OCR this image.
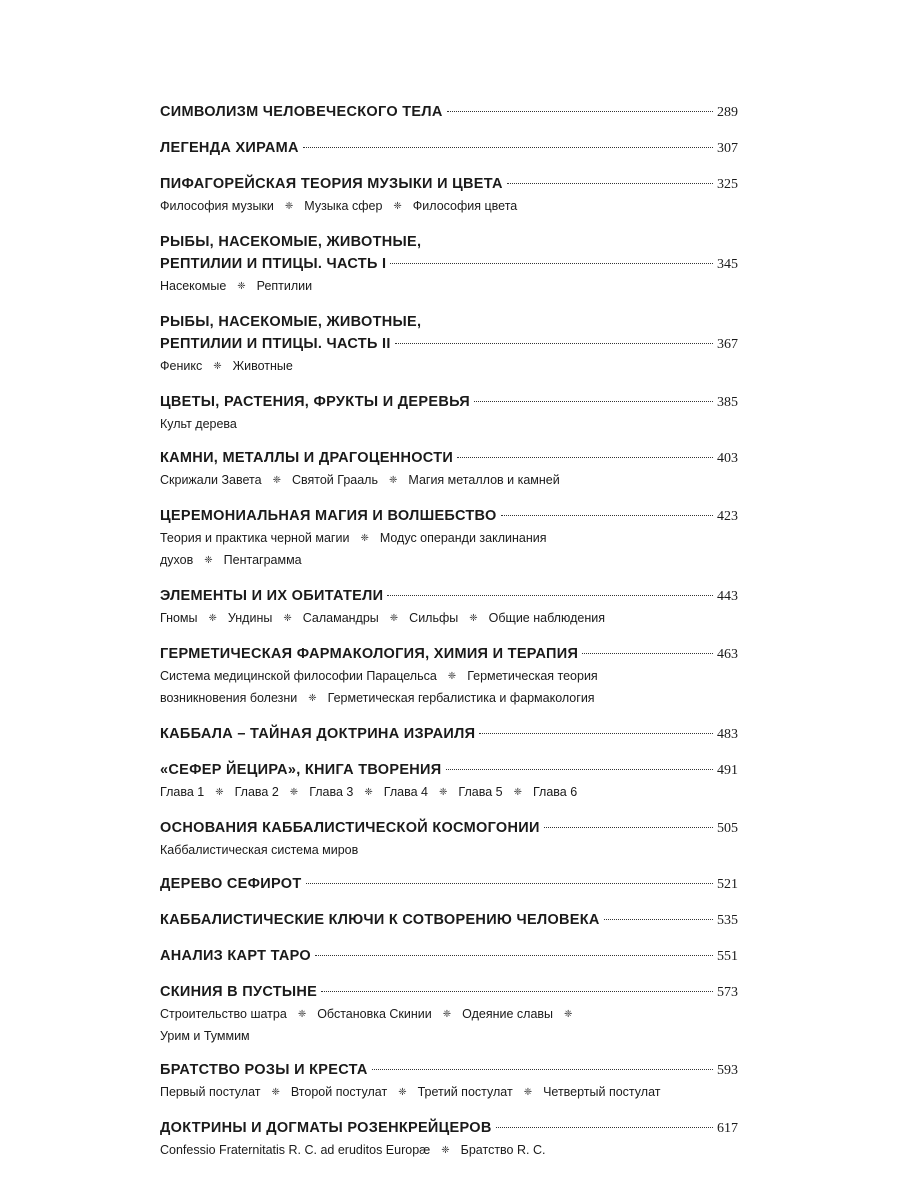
СИМВОЛИЗМ ЧЕЛОВЕЧЕСКОГО ТЕЛА	289
ЛЕГЕНДА ХИРАМА	307
ПИФАГОРЕЙСКАЯ ТЕОРИЯ МУЗЫКИ И ЦВЕТА	325
Философия музыки ❈ Музыка сфер ❈ Философия цвета
РЫБЫ, НАСЕКОМЫЕ, ЖИВОТНЫЕ,
РЕПТИЛИИ И ПТИЦЫ. ЧАСТЬ I	345
Насекомые ❈ Рептилии
РЫБЫ, НАСЕКОМЫЕ, ЖИВОТНЫЕ,
РЕПТИЛИИ И ПТИЦЫ. ЧАСТЬ II	367
Феникс ❈ Животные
ЦВЕТЫ, РАСТЕНИЯ, ФРУКТЫ И ДЕРЕВЬЯ	385
Культ дерева
КАМНИ, МЕТАЛЛЫ И ДРАГОЦЕННОСТИ	403
Скрижали Завета ❈ Святой Грааль ❈ Магия металлов и камней
ЦЕРЕМОНИАЛЬНАЯ МАГИЯ И ВОЛШЕБСТВО	423
Теория и практика черной магии ❈ Модус операнди заклинания
духов ❈ Пентаграмма
ЭЛЕМЕНТЫ И ИХ ОБИТАТЕЛИ	443
Гномы ❈ Ундины ❈ Саламандры ❈ Сильфы ❈ Общие наблюдения
ГЕРМЕТИЧЕСКАЯ ФАРМАКОЛОГИЯ, ХИМИЯ И ТЕРАПИЯ	463
Система медицинской философии Парацельса ❈ Герметическая теория
возникновения болезни ❈ Герметическая гербалистика и фармакология
КАББАЛА – ТАЙНАЯ ДОКТРИНА ИЗРАИЛЯ	483
«СЕФЕР ЙЕЦИРА», КНИГА ТВОРЕНИЯ	491
Глава 1 ❈ Глава 2 ❈ Глава 3 ❈ Глава 4 ❈ Глава 5 ❈ Глава 6
ОСНОВАНИЯ КАББАЛИСТИЧЕСКОЙ КОСМОГОНИИ	505
Каббалистическая система миров
ДЕРЕВО СЕФИРОТ	521
КАББАЛИСТИЧЕСКИЕ КЛЮЧИ К СОТВОРЕНИЮ ЧЕЛОВЕКА	535
АНАЛИЗ КАРТ ТАРО	551
СКИНИЯ В ПУСТЫНЕ	573
Строительство шатра ❈ Обстановка Скинии ❈ Одеяние славы ❈
Урим и Туммим
БРАТСТВО РОЗЫ И КРЕСТА	593
Первый постулат ❈ Второй постулат ❈ Третий постулат ❈ Четвертый постулат
ДОКТРИНЫ И ДОГМАТЫ РОЗЕНКРЕЙЦЕРОВ	617
Confessio Fraternitatis R. C. ad eruditos Europæ ❈ Братство R. C.
